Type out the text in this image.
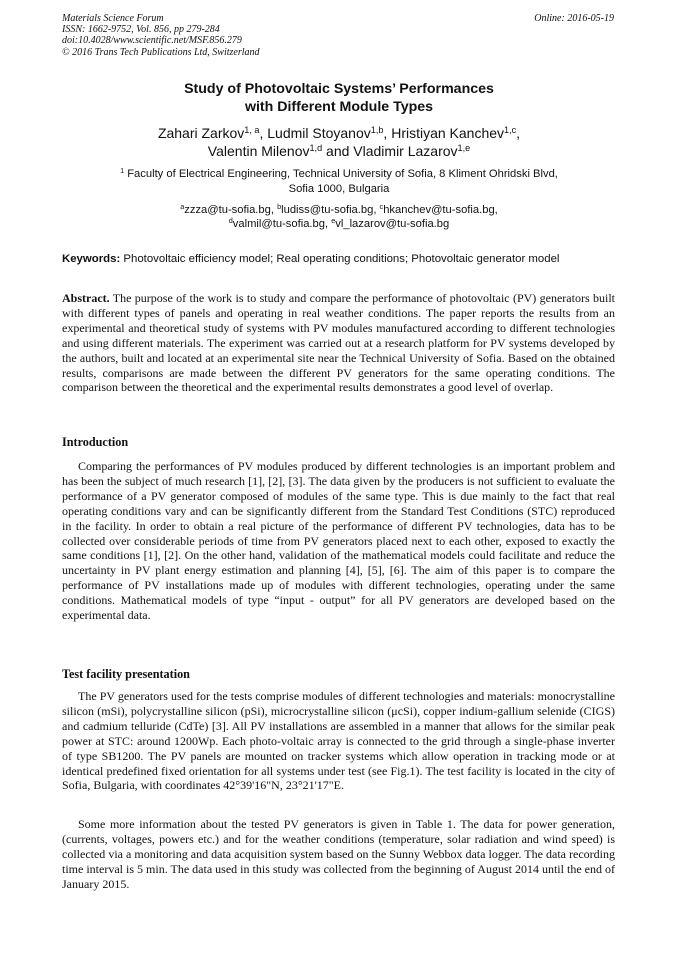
Materials Science Forum
ISSN: 1662-9752, Vol. 856, pp 279-284
doi:10.4028/www.scientific.net/MSF.856.279
© 2016 Trans Tech Publications Ltd, Switzerland
Online: 2016-05-19
Study of Photovoltaic Systems’ Performances
with Different Module Types
Zahari Zarkov$^{1, a}$, Ludmil Stoyanov$^{1,b}$, Hristiyan Kanchev$^{1,c}$,
Valentin Milenov$^{1,d}$ and Vladimir Lazarov$^{1,e}$
$^1$ Faculty of Electrical Engineering, Technical University of Sofia, 8 Kliment Ohridski Blvd,
Sofia 1000, Bulgaria
$^a$zzza@tu-sofia.bg, $^b$ludiss@tu-sofia.bg, $^c$hkanchev@tu-sofia.bg,
$^d$valmil@tu-sofia.bg, $^e$vl_lazarov@tu-sofia.bg
Keywords: Photovoltaic efficiency model; Real operating conditions; Photovoltaic generator model
Abstract. The purpose of the work is to study and compare the performance of photovoltaic (PV) generators built with different types of panels and operating in real weather conditions. The paper reports the results from an experimental and theoretical study of systems with PV modules manufactured according to different technologies and using different materials. The experiment was carried out at a research platform for PV systems developed by the authors, built and located at an experimental site near the Technical University of Sofia. Based on the obtained results, comparisons are made between the different PV generators for the same operating conditions. The comparison between the theoretical and the experimental results demonstrates a good level of overlap.
Introduction

Comparing the performances of PV modules produced by different technologies is an important problem and has been the subject of much research [1], [2], [3]. The data given by the producers is not sufficient to evaluate the performance of a PV generator composed of modules of the same type. This is due mainly to the fact that real operating conditions vary and can be significantly different from the Standard Test Conditions (STC) reproduced in the facility. In order to obtain a real picture of the performance of different PV technologies, data has to be collected over considerable periods of time from PV generators placed next to each other, exposed to exactly the same conditions [1], [2]. On the other hand, validation of the mathematical models could facilitate and reduce the uncertainty in PV plant energy estimation and planning [4], [5], [6]. The aim of this paper is to compare the performance of PV installations made up of modules with different technologies, operating under the same conditions. Mathematical models of type “input - output” for all PV generators are developed based on the experimental data.

Test facility presentation

The PV generators used for the tests comprise modules of different technologies and materials: monocrystalline silicon (mSi), polycrystalline silicon (pSi), microcrystalline silicon (μcSi), copper indium-gallium selenide (CIGS) and cadmium telluride (CdTe) [3]. All PV installations are assembled in a manner that allows for the similar peak power at STC: around 1200Wp. Each photo-voltaic array is connected to the grid through a single-phase inverter of type SB1200. The PV panels are mounted on tracker systems which allow operation in tracking mode or at identical predefined fixed orientation for all systems under test (see Fig.1). The test facility is located in the city of Sofia, Bulgaria, with coordinates 42°39'16"N, 23°21'17"E.

Some more information about the tested PV generators is given in Table 1. The data for power generation, (currents, voltages, powers etc.) and for the weather conditions (temperature, solar radiation and wind speed) is collected via a monitoring and data acquisition system based on the Sunny Webbox data logger. The data recording time interval is 5 min. The data used in this study was collected from the beginning of August 2014 until the end of January 2015.
